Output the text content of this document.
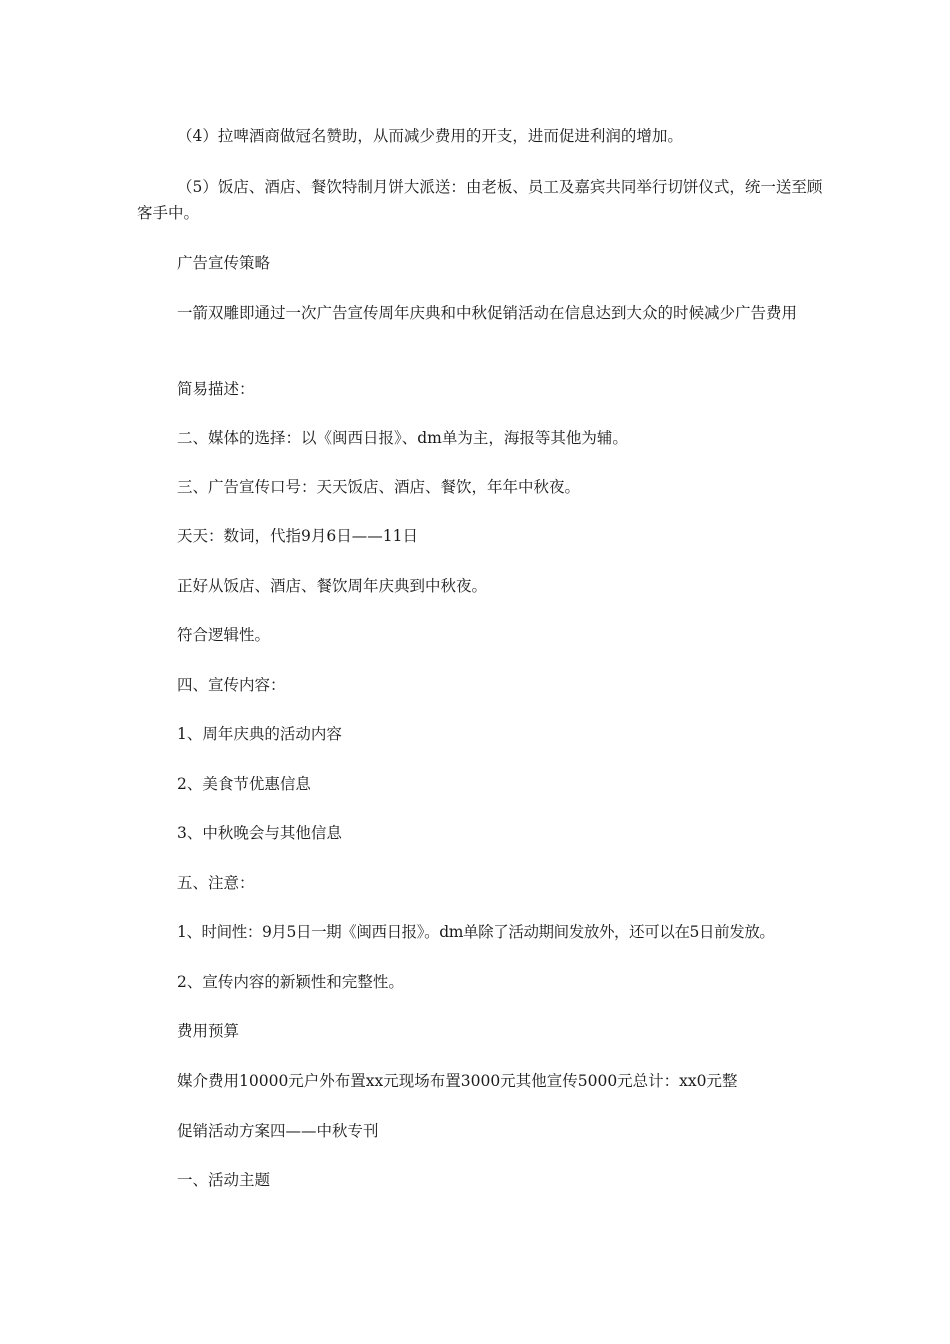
（4）拉啤酒商做冠名赞助，从而减少费用的开支，进而促进利润的增加。

（5）饭店、酒店、餐饮特制月饼大派送：由老板、员工及嘉宾共同举行切饼仪式，统一送至顾客手中。

广告宣传策略

一箭双雕即通过一次广告宣传周年庆典和中秋促销活动在信息达到大众的时候减少广告费用

简易描述：

二、媒体的选择：以《闽西日报》、dm单为主，海报等其他为辅。

三、广告宣传口号：天天饭店、酒店、餐饮，年年中秋夜。

天天：数词，代指9月6日——11日

正好从饭店、酒店、餐饮周年庆典到中秋夜。

符合逻辑性。

四、宣传内容：

1、周年庆典的活动内容

2、美食节优惠信息

3、中秋晚会与其他信息

五、注意：

1、时间性：9月5日一期《闽西日报》。dm单除了活动期间发放外，还可以在5日前发放。

2、宣传内容的新颖性和完整性。

费用预算

媒介费用10000元户外布置xx元现场布置3000元其他宣传5000元总计：xx0元整

促销活动方案四——中秋专刊

一、活动主题
